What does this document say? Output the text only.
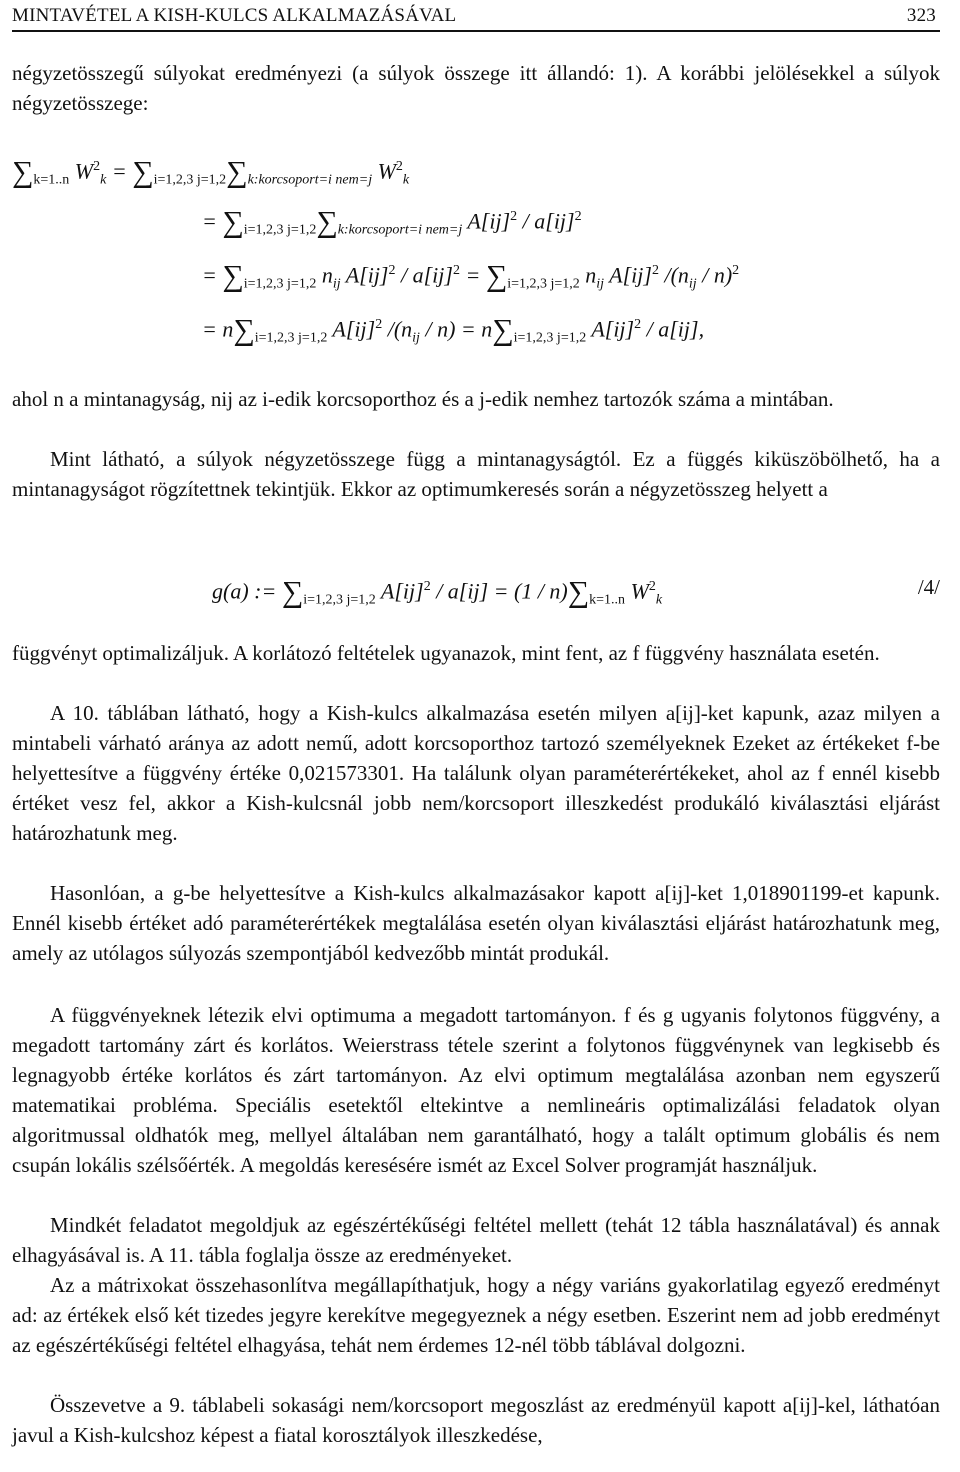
MINTAVÉTEL A KISH-KULCS ALKALMAZÁSÁVAL	323

négyzetösszegű súlyokat eredményezi (a súlyok összege itt állandó: 1). A korábbi jelölésekkel a súlyok négyzetösszege:

$\sum_{k=1..n}$ $W^2_k = \sum_{i=1,2,3 j=1,2}\sum_{k:korcsoport=i nem=j}$ $W^2_k$
= $\sum_{i=1,2,3 j=1,2}\sum_{k:korcsoport=i nem=j}$ A[ij]$^2$ / a[ij]$^2$
= $\sum_{i=1,2,3 j=1,2}$ $n_{ij}$ $A[ij]^2 / a[ij]^2 = \sum_{i=1,2,3 j=1,2}$ $n_{ij}$ A[ij]$^2$ $/(n_{ij} / n)^2$
= $n\sum_{i=1,2,3 j=1,2}$ A[ij]$^2$ $/(n_{ij} / n) = n\sum_{i=1,2,3 j=1,2}$ A[ij]$^2$ / a[ij],

ahol n a mintanagyság, nij az i-edik korcsoporthoz és a j-edik nemhez tartozók száma a mintában.

Mint látható, a súlyok négyzetösszege függ a mintanagyságtól. Ez a függés kiküszöbölhető, ha a mintanagyságot rögzítettnek tekintjük. Ekkor az optimumkeresés során a négyzetösszeg helyett a

g(a) := $\sum_{i=1,2,3 j=1,2}$ $A[ij]^2 / a[ij] = (1 / n)\sum_{k=1..n}$ $W^2_k$
/4/

függvényt optimalizáljuk. A korlátozó feltételek ugyanazok, mint fent, az f függvény használata esetén.

A 10. táblában látható, hogy a Kish-kulcs alkalmazása esetén milyen a[ij]-ket kapunk, azaz milyen a mintabeli várható aránya az adott nemű, adott korcsoporthoz tartozó személyeknek Ezeket az értékeket f-be helyettesítve a függvény értéke 0,021573301. Ha találunk olyan paraméterértékeket, ahol az f ennél kisebb értéket vesz fel, akkor a Kish-kulcsnál jobb nem/korcsoport illeszkedést produkáló kiválasztási eljárást határozhatunk meg.

Hasonlóan, a g-be helyettesítve a Kish-kulcs alkalmazásakor kapott a[ij]-ket 1,018901199-et kapunk. Ennél kisebb értéket adó paraméterértékek megtalálása esetén olyan kiválasztási eljárást határozhatunk meg, amely az utólagos súlyozás szempontjából kedvezőbb mintát produkál.

A függvényeknek létezik elvi optimuma a megadott tartományon. f és g ugyanis folytonos függvény, a megadott tartomány zárt és korlátos. Weierstrass tétele szerint a folytonos függvénynek van legkisebb és legnagyobb értéke korlátos és zárt tartományon. Az elvi optimum megtalálása azonban nem egyszerű matematikai probléma. Speciális esetektől eltekintve a nemlineáris optimalizálási feladatok olyan algoritmussal oldhatók meg, mellyel általában nem garantálható, hogy a talált optimum globális és nem csupán lokális szélsőérték. A megoldás keresésére ismét az Excel Solver programját használjuk.

Mindkét feladatot megoldjuk az egészértékűségi feltétel mellett (tehát 12 tábla használatával) és annak elhagyásával is. A 11. tábla foglalja össze az eredményeket.

Az a mátrixokat összehasonlítva megállapíthatjuk, hogy a négy variáns gyakorlatilag egyező eredményt ad: az értékek első két tizedes jegyre kerekítve megegyeznek a négy esetben. Eszerint nem ad jobb eredményt az egészértékűségi feltétel elhagyása, tehát nem érdemes 12-nél több táblával dolgozni.

Összevetve a 9. táblabeli sokasági nem/korcsoport megoszlást az eredményül kapott a[ij]-kel, láthatóan javul a Kish-kulcshoz képest a fiatal korosztályok illeszkedése,
